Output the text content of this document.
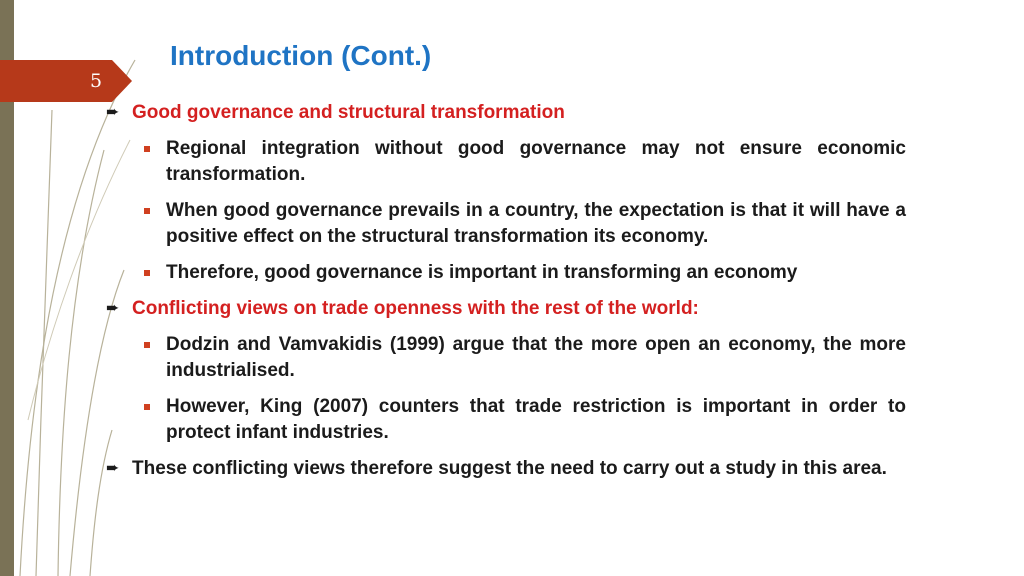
5
Introduction (Cont.)
➨ Good governance and structural transformation
Regional integration without good governance may not ensure economic transformation.
When good governance prevails in a country, the expectation is that it will have a positive effect on the structural transformation its economy.
Therefore, good governance is important in transforming an economy
➨ Conflicting views on trade openness with the rest of the world:
Dodzin and Vamvakidis (1999) argue that the more open an economy, the more industrialised.
However, King (2007) counters that trade restriction is important in order to protect infant industries.
➨ These conflicting views therefore suggest the need to carry out a study in this area.
